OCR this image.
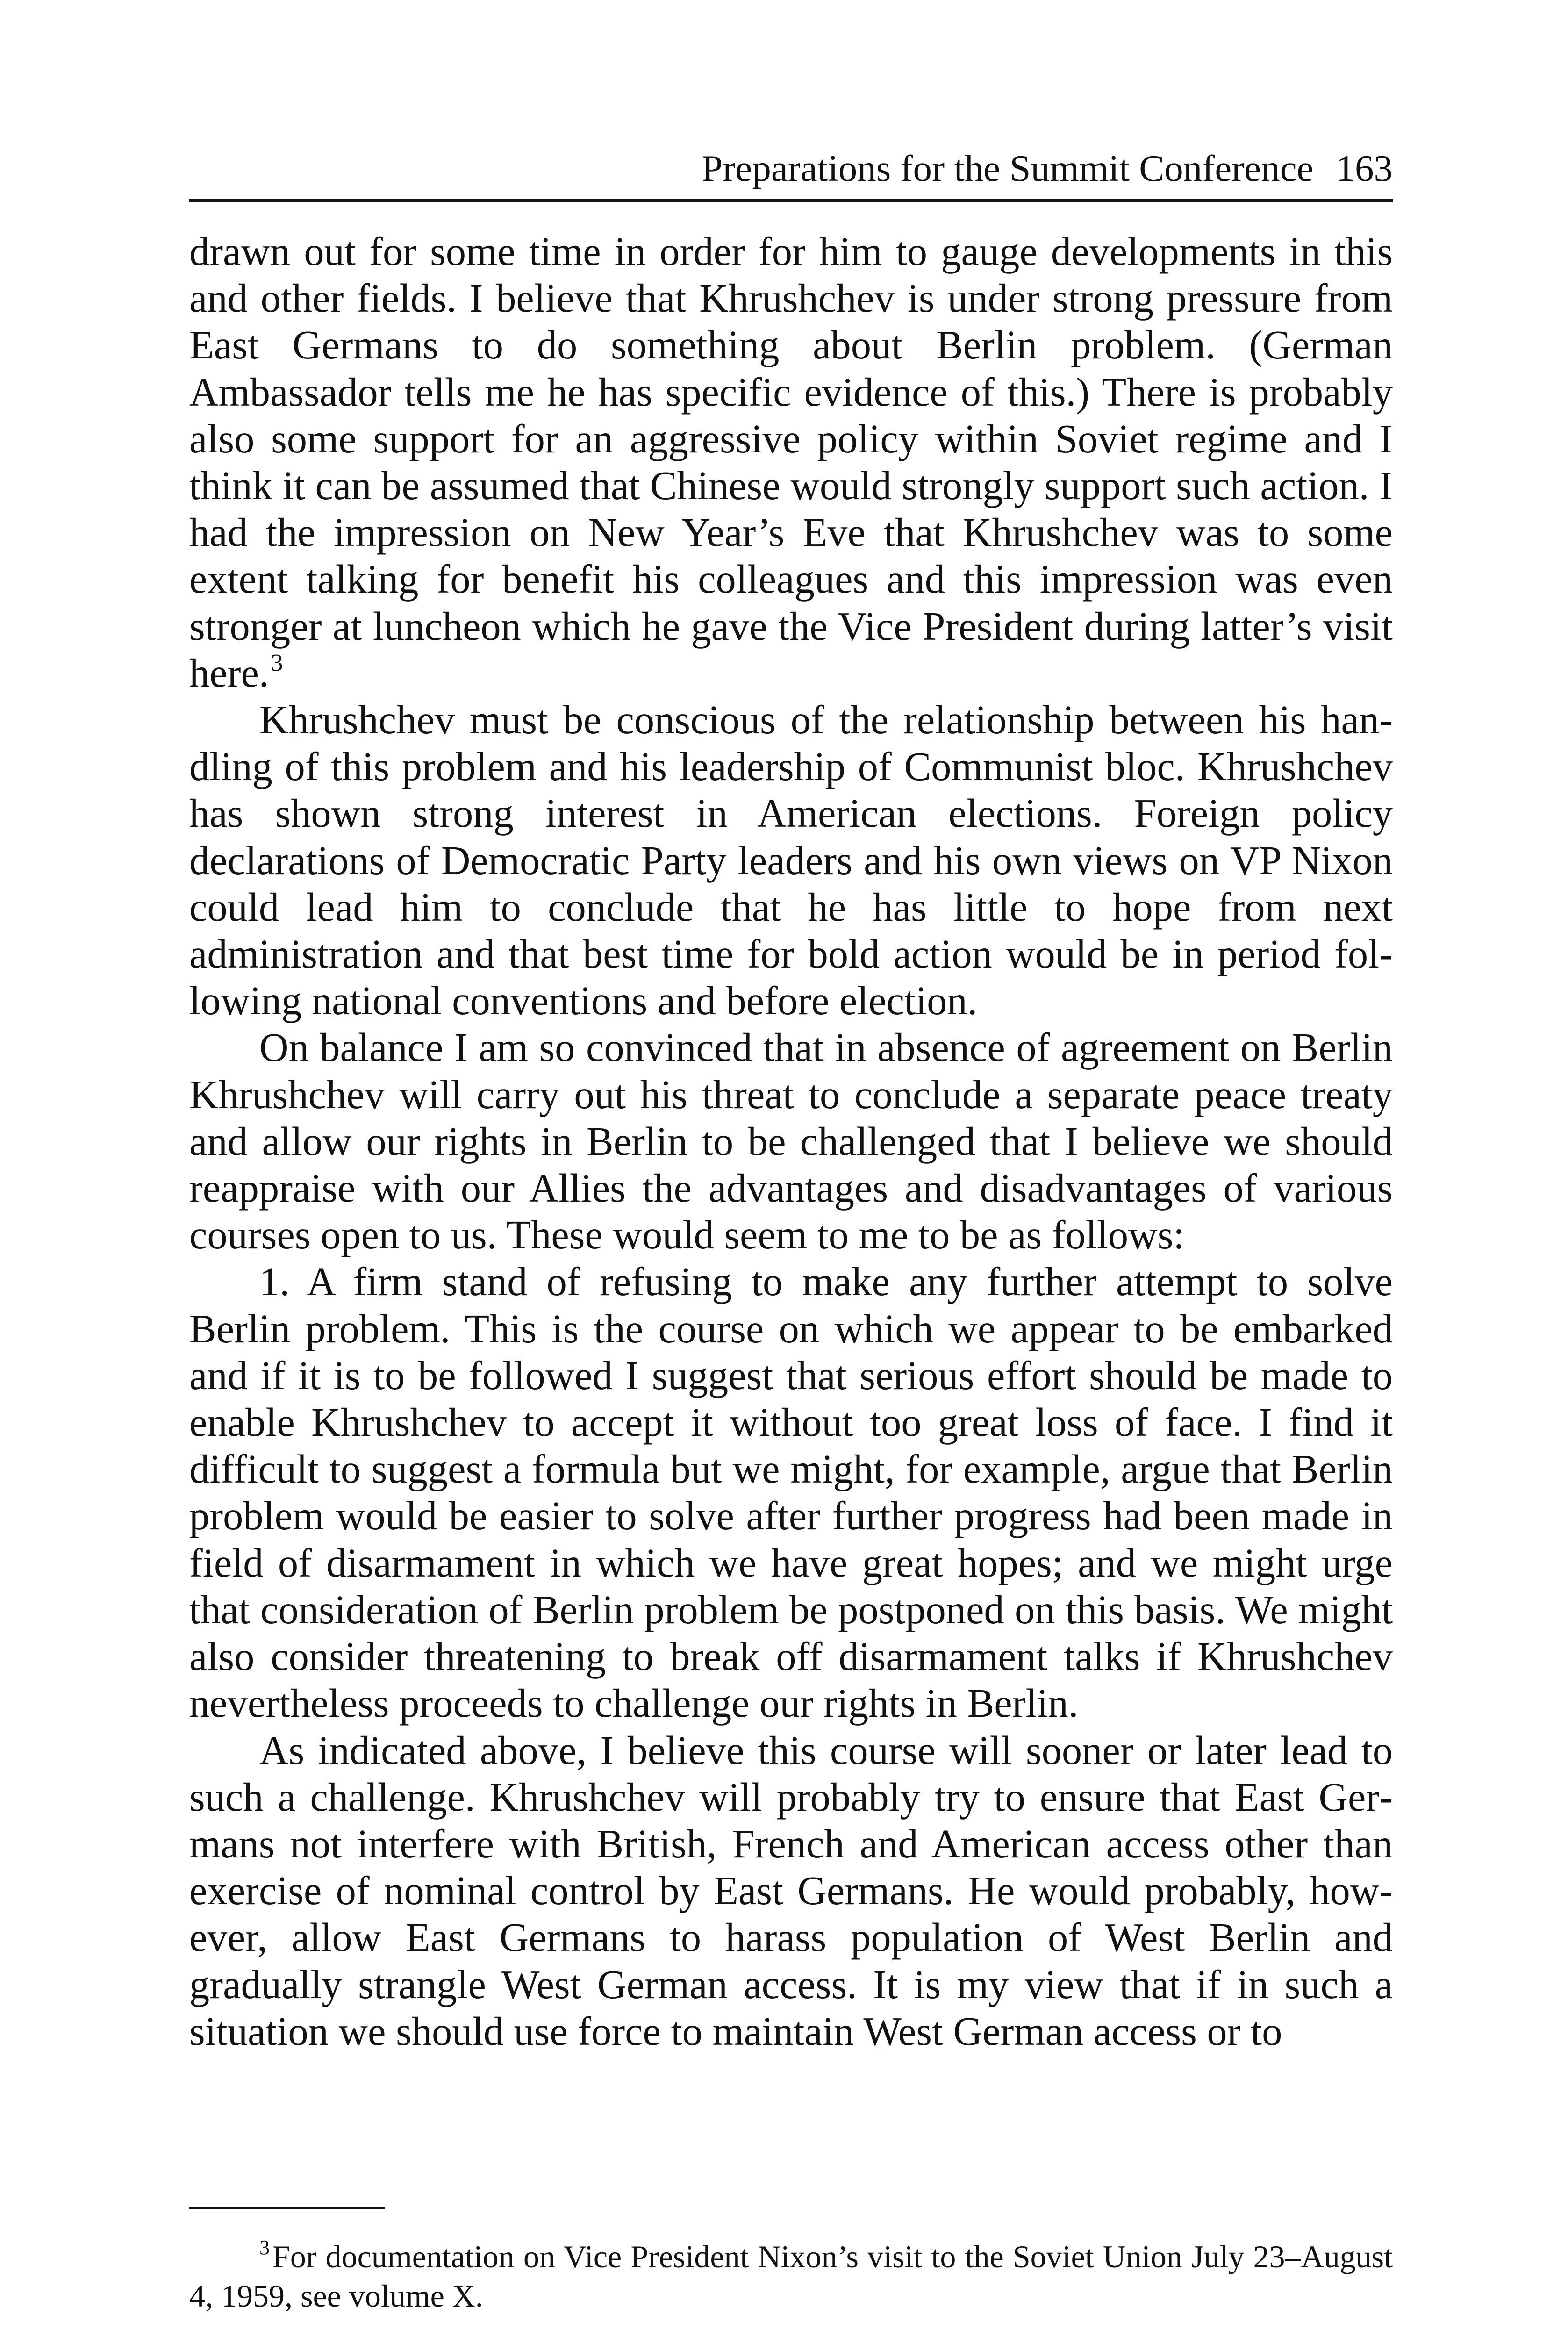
Preparations for the Summit Conference 163

drawn out for some time in order for him to gauge developments in this and other fields. I believe that Khrushchev is under strong pressure from East Germans to do something about Berlin problem. (German Ambassador tells me he has specific evidence of this.) There is probably also some support for an aggressive policy within Soviet regime and I think it can be assumed that Chinese would strongly support such action. I had the impression on New Year’s Eve that Khrushchev was to some extent talking for benefit his colleagues and this impression was even stronger at luncheon which he gave the Vice President during latter’s visit here.$^3$

Khrushchev must be conscious of the relationship between his handling of this problem and his leadership of Communist bloc. Khrushchev has shown strong interest in American elections. Foreign policy declarations of Democratic Party leaders and his own views on VP Nixon could lead him to conclude that he has little to hope from next administration and that best time for bold action would be in period following national conventions and before election.

On balance I am so convinced that in absence of agreement on Berlin Khrushchev will carry out his threat to conclude a separate peace treaty and allow our rights in Berlin to be challenged that I believe we should reappraise with our Allies the advantages and disadvantages of various courses open to us. These would seem to me to be as follows:

1. A firm stand of refusing to make any further attempt to solve Berlin problem. This is the course on which we appear to be embarked and if it is to be followed I suggest that serious effort should be made to enable Khrushchev to accept it without too great loss of face. I find it difficult to suggest a formula but we might, for example, argue that Berlin problem would be easier to solve after further progress had been made in field of disarmament in which we have great hopes; and we might urge that consideration of Berlin problem be postponed on this basis. We might also consider threatening to break off disarmament talks if Khrushchev nevertheless proceeds to challenge our rights in Berlin.

As indicated above, I believe this course will sooner or later lead to such a challenge. Khrushchev will probably try to ensure that East Germans not interfere with British, French and American access other than exercise of nominal control by East Germans. He would probably, however, allow East Germans to harass population of West Berlin and gradually strangle West German access. It is my view that if in such a situation we should use force to maintain West German access or to

$^3$For documentation on Vice President Nixon’s visit to the Soviet Union July 23–August 4, 1959, see volume X.
